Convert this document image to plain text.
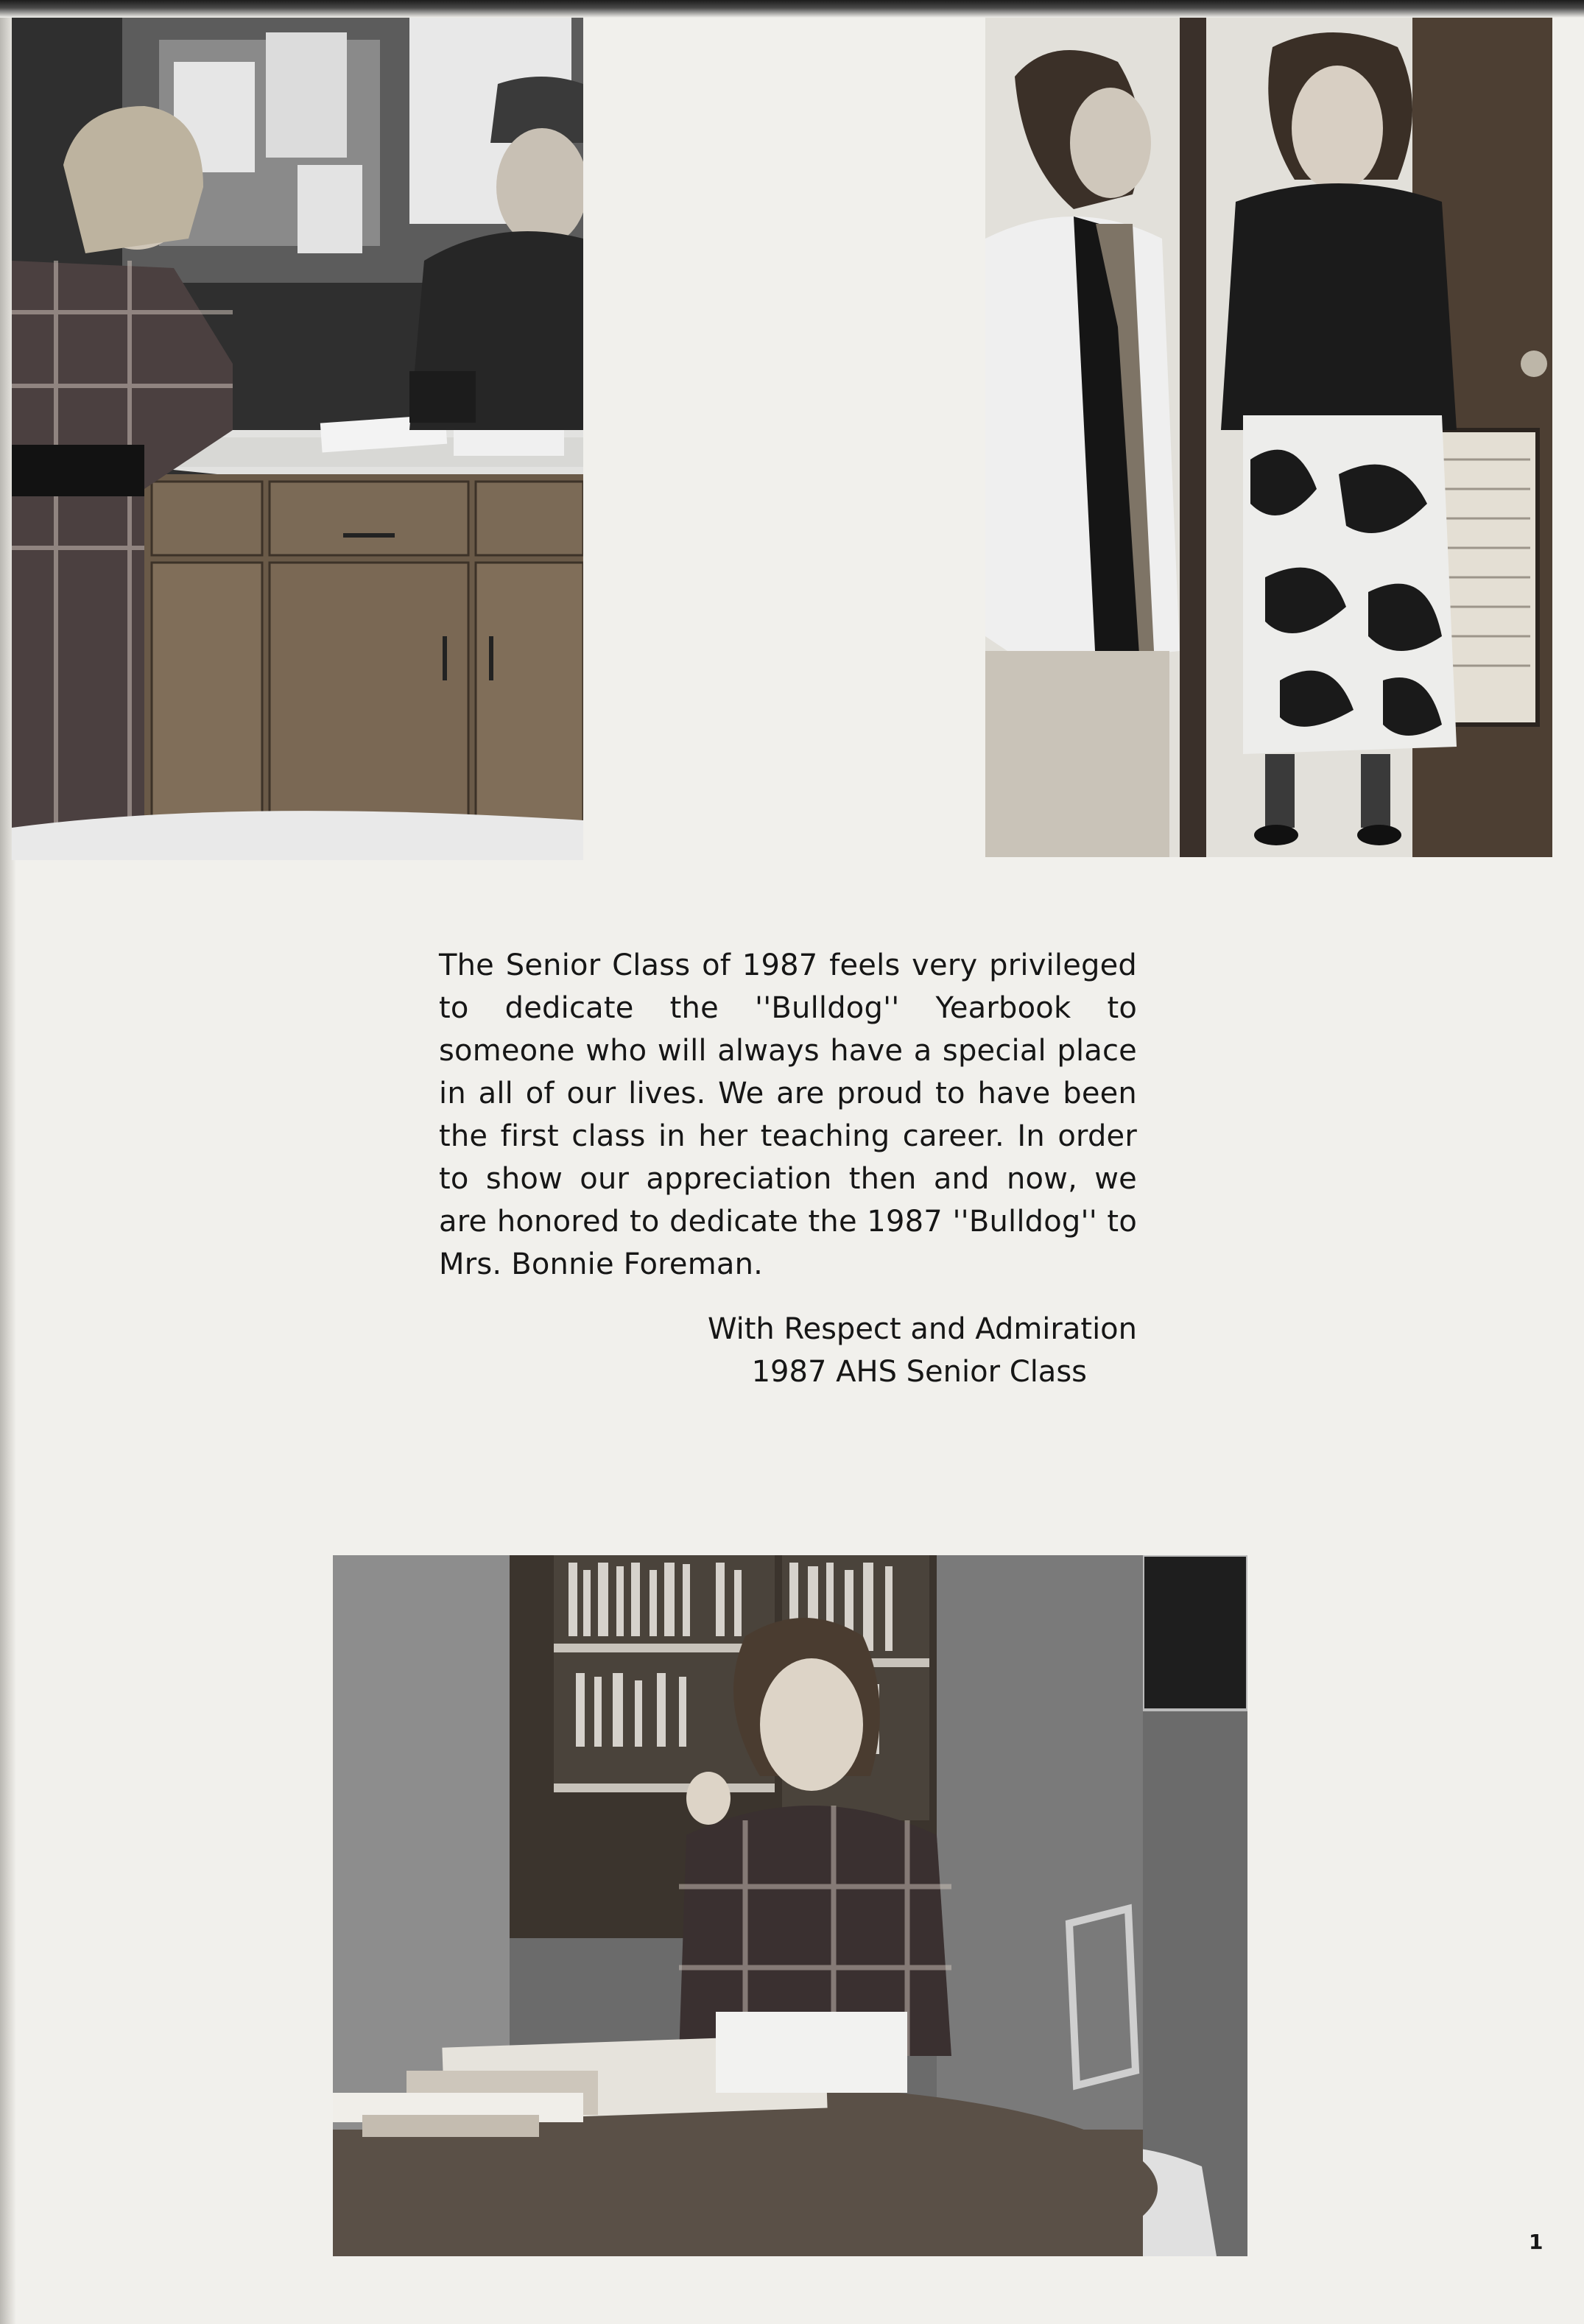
The Senior Class of 1987 feels very privileged to dedicate the ''Bulldog'' Yearbook to someone who will always have a special place in all of our lives. We are proud to have been the first class in her teaching career. In order to show our appreciation then and now, we are honored to dedicate the 1987 ''Bulldog'' to Mrs. Bonnie Foreman.

With Respect and Admiration
1987 AHS Senior Class
1
